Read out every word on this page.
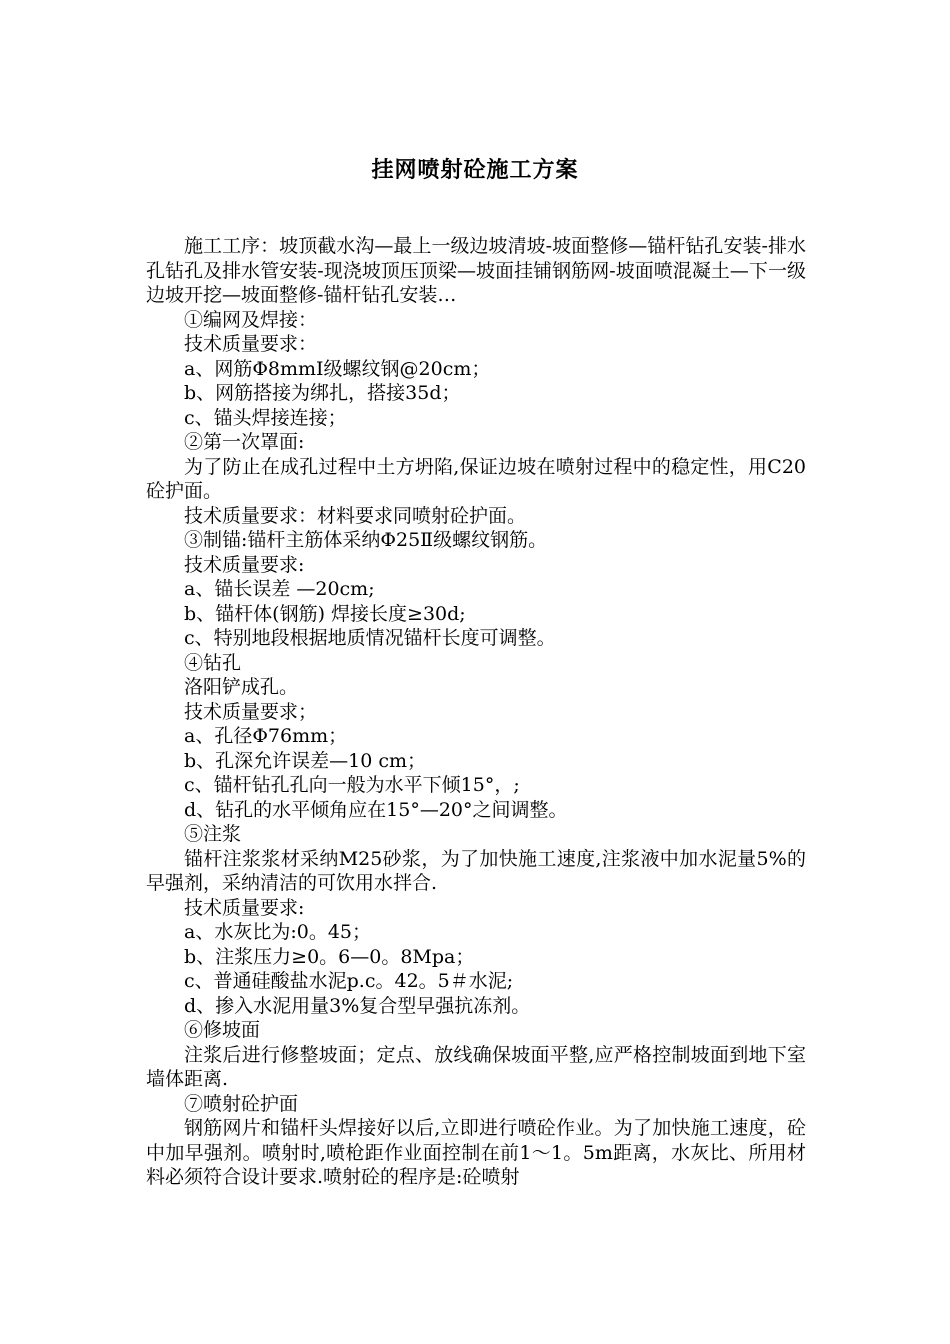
挂网喷射砼施工方案

施工工序：坡顶截水沟—最上一级边坡清坡-坡面整修—锚杆钻孔安装-排水孔钻孔及排水管安装-现浇坡顶压顶梁—坡面挂铺钢筋网-坡面喷混凝土—下一级边坡开挖—坡面整修-锚杆钻孔安装…

①编网及焊接：

技术质量要求：

a、网筋Φ8mmI级螺纹钢@20cm；

b、网筋搭接为绑扎，搭接35d；

c、锚头焊接连接；

②第一次罩面:

为了防止在成孔过程中土方坍陷,保证边坡在喷射过程中的稳定性，用C20砼护面。

技术质量要求：材料要求同喷射砼护面。

③制锚:锚杆主筋体采纳Φ25Ⅱ级螺纹钢筋。

技术质量要求:

a、锚长误差 —20cm;

b、锚杆体(钢筋) 焊接长度≥30d;

c、特别地段根据地质情况锚杆长度可调整。

④钻孔

洛阳铲成孔。

技术质量要求；

a、孔径Φ76mm；

b、孔深允许误差—10 cm；

c、锚杆钻孔孔向一般为水平下倾15°，;

d、钻孔的水平倾角应在15°—20°之间调整。

⑤注浆

锚杆注浆浆材采纳M25砂浆，为了加快施工速度,注浆液中加水泥量5%的早强剂，采纳清洁的可饮用水拌合.

技术质量要求:

a、水灰比为:0。45；

b、注浆压力≥0。6—0。8Mpa；

c、普通硅酸盐水泥p.c。42。5＃水泥;

d、掺入水泥用量3%复合型早强抗冻剂。

⑥修坡面

注浆后进行修整坡面；定点、放线确保坡面平整,应严格控制坡面到地下室墙体距离.

⑦喷射砼护面

钢筋网片和锚杆头焊接好以后,立即进行喷砼作业。为了加快施工速度，砼中加早强剂。喷射时,喷枪距作业面控制在前1～1。5m距离，水灰比、所用材料必须符合设计要求.喷射砼的程序是:砼喷射
